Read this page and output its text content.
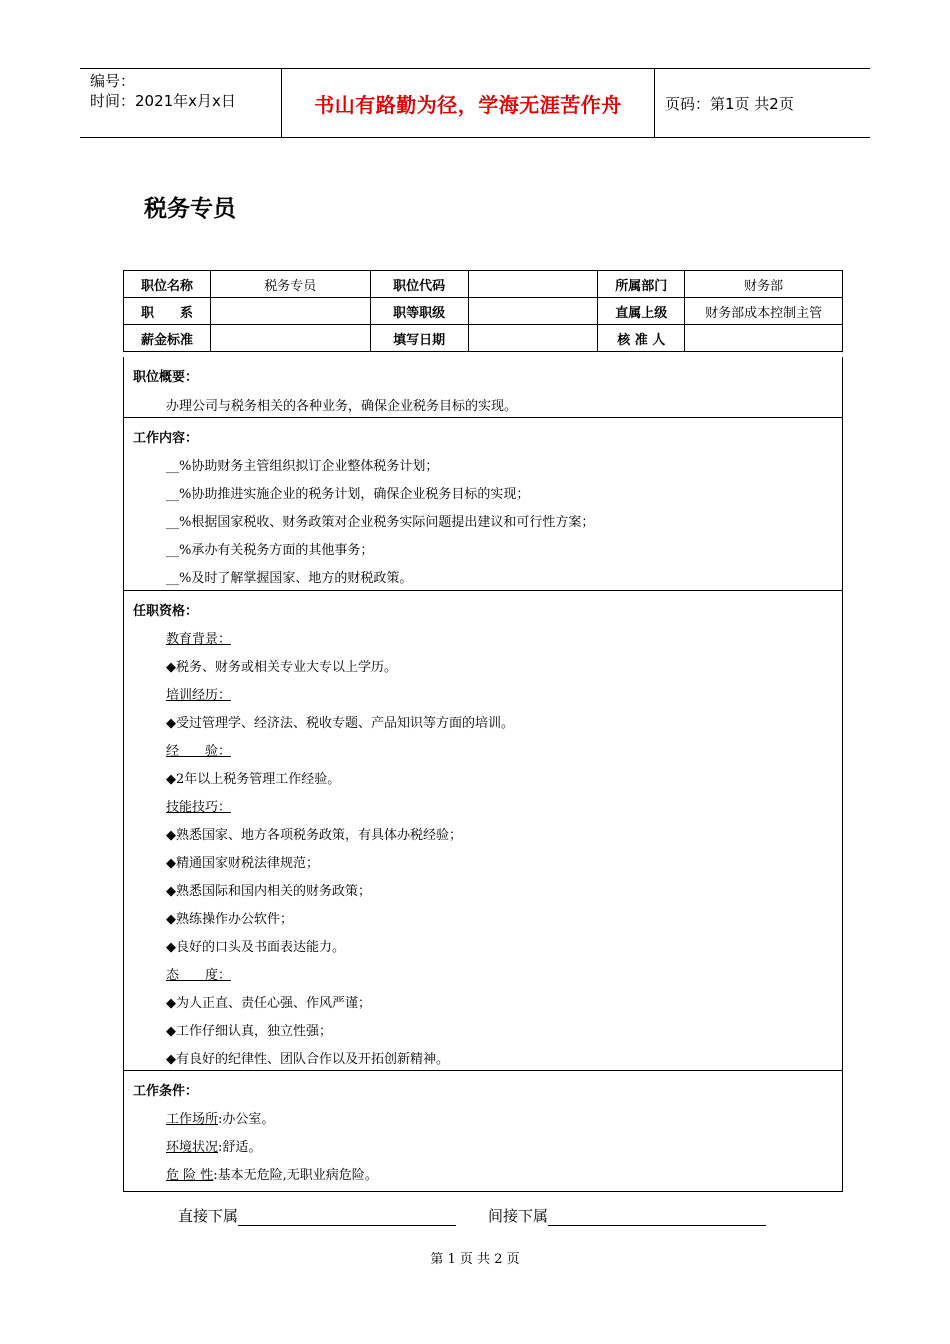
编号：
时间：2021年x月x日	书山有路勤为径，学海无涯苦作舟	页码：第1页 共2页
税务专员
职位名称	税务专员	职位代码		所属部门	财务部
职　　系		职等职级		直属上级	财务部成本控制主管
薪金标准		填写日期		核 准 人	
职位概要：
办理公司与税务相关的各种业务，确保企业税务目标的实现。
工作内容：
__%协助财务主管组织拟订企业整体税务计划；
__%协助推进实施企业的税务计划，确保企业税务目标的实现；
__%根据国家税收、财务政策对企业税务实际问题提出建议和可行性方案；
__%承办有关税务方面的其他事务；
__%及时了解掌握国家、地方的财税政策。
任职资格：
教育背景：
◆税务、财务或相关专业大专以上学历。
培训经历：
◆受过管理学、经济法、税收专题、产品知识等方面的培训。
经　　验：
◆2年以上税务管理工作经验。
技能技巧：
◆熟悉国家、地方各项税务政策，有具体办税经验；
◆精通国家财税法律规范；
◆熟悉国际和国内相关的财务政策；
◆熟练操作办公软件；
◆良好的口头及书面表达能力。
态　　度：
◆为人正直、责任心强、作风严谨；
◆工作仔细认真，独立性强；
◆有良好的纪律性、团队合作以及开拓创新精神。
工作条件：
工作场所:办公室。
环境状况:舒适。
危 险 性:基本无危险,无职业病危险。
直接下属	间接下属
第 1 页 共 2 页
